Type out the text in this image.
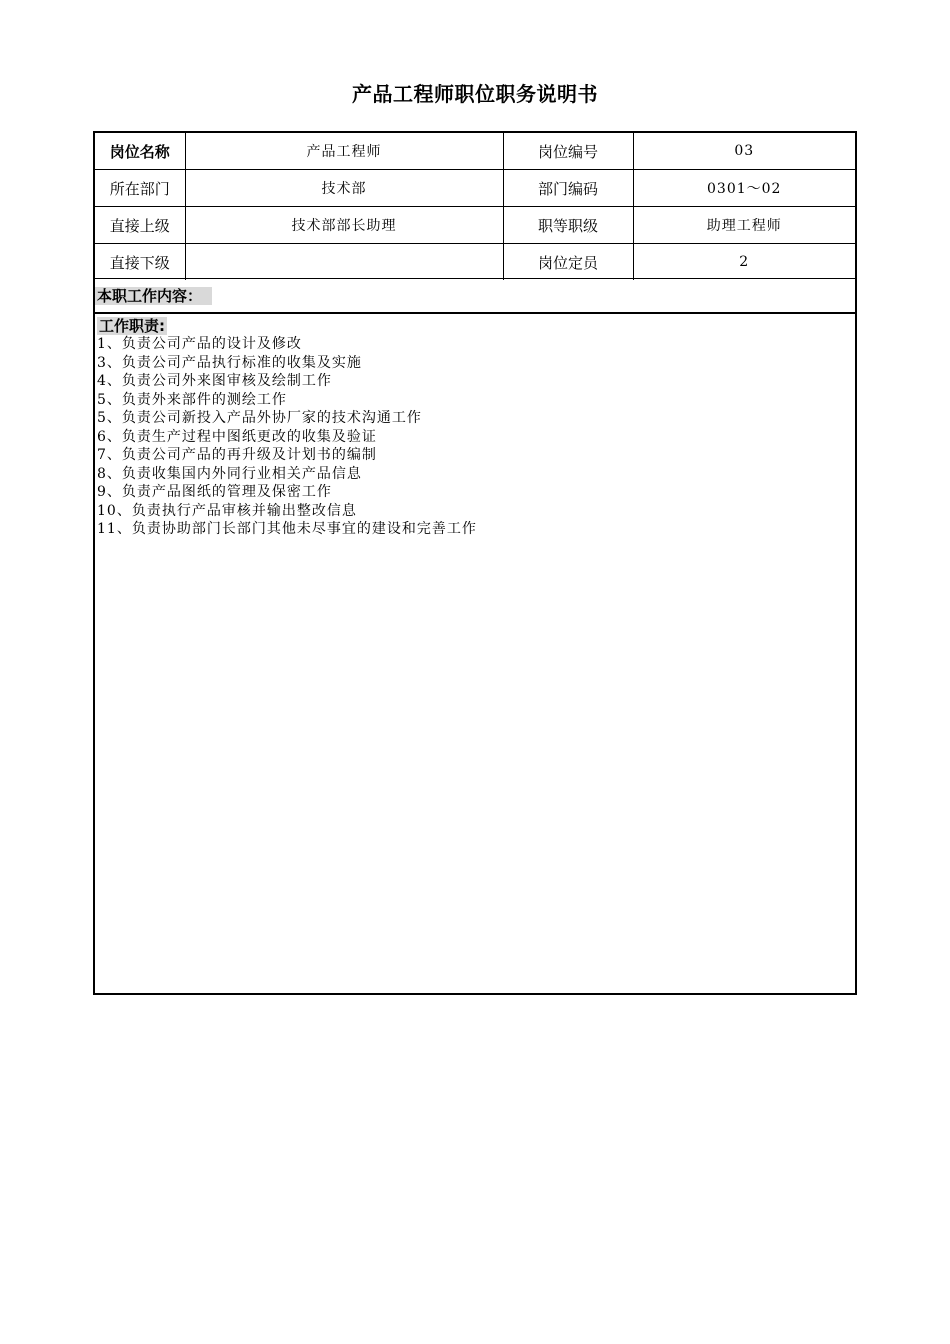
产品工程师职位职务说明书
岗位名称	产品工程师	岗位编号	03
所在部门	技术部	部门编码	0301～02
直接上级	技术部部长助理	职等职级	助理工程师
直接下级		岗位定员	2
本职工作内容：
工作职责:
1、负责公司产品的设计及修改
3、负责公司产品执行标准的收集及实施
4、负责公司外来图审核及绘制工作
5、负责外来部件的测绘工作
5、负责公司新投入产品外协厂家的技术沟通工作
6、负责生产过程中图纸更改的收集及验证
7、负责公司产品的再升级及计划书的编制
8、负责收集国内外同行业相关产品信息
9、负责产品图纸的管理及保密工作
10、负责执行产品审核并输出整改信息
11、负责协助部门长部门其他未尽事宜的建设和完善工作
